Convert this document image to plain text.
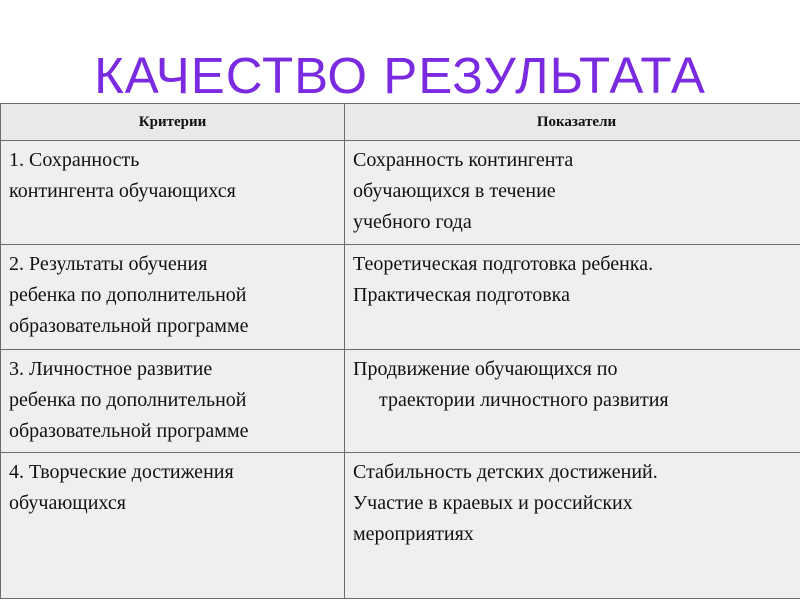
КАЧЕСТВО РЕЗУЛЬТАТА
Критерии	Показатели

1. Сохранность
контингента обучающихся	Сохранность контингента
обучающихся в течение
учебного года

2. Результаты обучения
ребенка по дополнительной
образовательной программе	Теоретическая подготовка ребенка.
Практическая подготовка

3. Личностное развитие
ребенка по дополнительной
образовательной программе	Продвижение обучающихся по
траектории личностного развития

4. Творческие достижения
обучающихся	Стабильность детских достижений.
Участие в краевых и российских
мероприятиях
